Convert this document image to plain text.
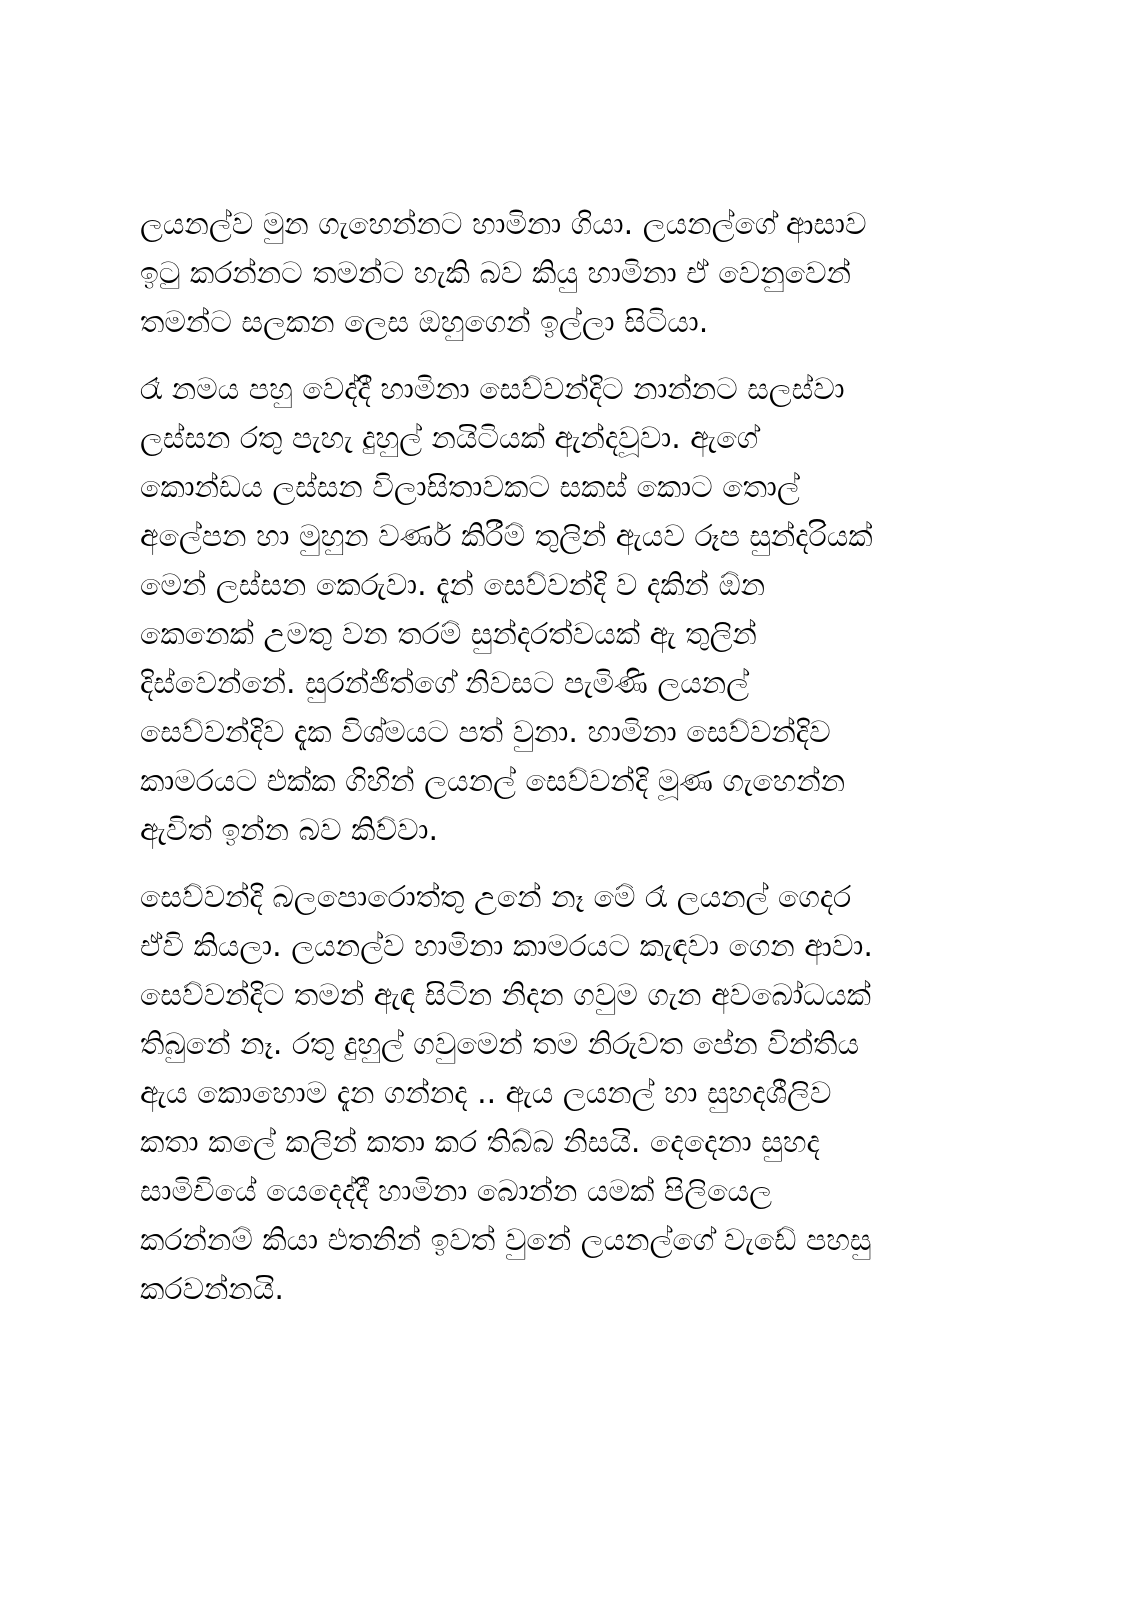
ලයනල්ව මුන ගැහෙන්නට හාමිනා ගියා. ලයනල්ගේ ආසාව
ඉටු කරන්නට තමන්ට හැකි බව කියු හාමිනා ඒ වෙනුවෙන්
තමන්ට සලකන ලෙස ඔහුගෙන් ඉල්ලා සිටියා.

රෑ නමය පහු වෙද්දී හාමිනා සෙව්වන්දිට නාන්නට සලස්වා
ලස්සන රතු පැහැ දුහුල් නයිටියක් ඇන්දවූවා. ඇගේ
කොන්ඩය ලස්සන විලාසිතාවකට සකස් කොට තොල්
අලේපන හා මුහුන වර්ණ කිරීම් තුලින් ඇයව රූප සුන්දරියක්
මෙන් ලස්සන කෙරුවා. දැන් සෙව්වන්දි ව දකින් ඕන
කෙනෙක් උමතු වන තරම් සුන්දරත්වයක් ඇ තුලින්
දිස්වෙන්නේ. සුරන්ජිත්ගේ නිවසට පැමිණි ලයනල්
සෙව්වන්දිව දැක විශ්මයට පත් වුනා. හාමිනා සෙව්වන්දිව
කාමරයට එක්ක ගිහින් ලයනල් සෙව්වන්දි මූණ ගැහෙන්න
ඇවිත් ඉන්න බව කිව්වා.

සෙව්වන්දි බලපොරොත්තු උනේ නෑ මේ රෑ ලයනල් ගෙදර
ඒවි කියලා. ලයනල්ව හාමිනා කාමරයට කැඳවා ගෙන ආවා.
සෙව්වන්දිට තමන් ඇඳ සිටින නිදන ගවුම ගැන අවබෝධයක්
තිබුනේ නෑ. රතු දුහුල් ගවුමෙන් තම නිරුවත පේන වින්තිය
ඇය කොහොම දැන ගන්නද .. ඇය ලයනල් හා සුහදශීලිව
කතා කලේ කලින් කතා කර තිබ්බ නිසයි. දෙදෙනා සුහද
සාමිචියේ යෙදෙද්දී හාමිනා බොන්න යමක් පිලියෙල
කරන්නම් කියා එතනින් ඉවත් වුනේ ලයනල්ගේ වැඩේ පහසු
කරවන්නයි.
